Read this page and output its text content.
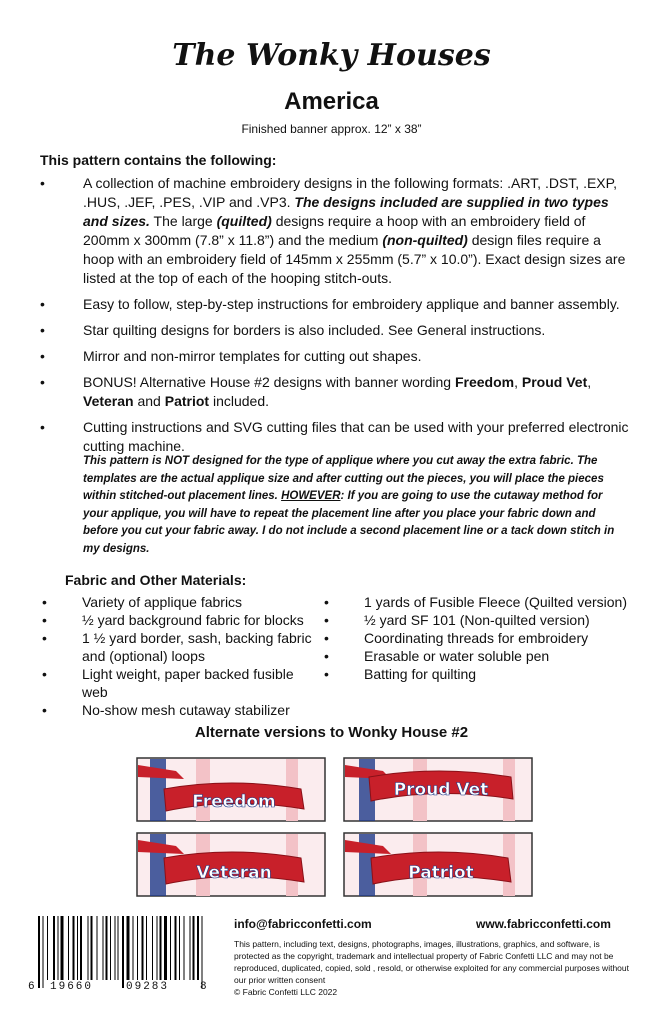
The Wonky Houses
America
Finished banner approx. 12” x 38”
This pattern contains the following:
•	A collection of machine embroidery designs in the following formats: .ART, .DST, .EXP, .HUS, .JEF, .PES, .VIP and .VP3. The designs included are supplied in two types and sizes. The large (quilted) designs require a hoop with an embroidery field of 200mm x 300mm (7.8” x 11.8”) and the medium (non-quilted) design files require a hoop with an embroidery field of 145mm x 255mm (5.7” x 10.0”). Exact design sizes are listed at the top of each of the hooping stitch-outs.
•	Easy to follow, step-by-step instructions for embroidery applique and banner assembly.
•	Star quilting designs for borders is also included. See General instructions.
•	Mirror and non-mirror templates for cutting out shapes.
•	BONUS! Alternative House #2 designs with banner wording Freedom, Proud Vet, Veteran and Patriot included.
•	Cutting instructions and SVG cutting files that can be used with your preferred electronic cutting machine.
This pattern is NOT designed for the type of applique where you cut away the extra fabric. The templates are the actual applique size and after cutting out the pieces, you will place the pieces within stitched-out placement lines. HOWEVER: If you are going to use the cutaway method for your applique, you will have to repeat the placement line after you place your fabric down and before you cut your fabric away. I do not include a second placement line or a tack down stitch in my designs.
Fabric and Other Materials:
•	Variety of applique fabrics
•	½ yard background fabric for blocks
•	1 ½ yard border, sash, backing fabric and (optional) loops
•	Light weight, paper backed fusible web
•	No-show mesh cutaway stabilizer
•	1 yards of Fusible Fleece (Quilted version)
•	½ yard SF 101 (Non-quilted version)
•	Coordinating threads for embroidery
•	Erasable or water soluble pen
•	Batting for quilting
Alternate versions to Wonky House #2
Freedom
Proud Vet
Veteran	Patriot
6 19660	09283	8
info@fabricconfetti.com	www.fabricconfetti.com
This pattern, including text, designs, photographs, images, illustrations, graphics, and software, is protected as the copyright, trademark and intellectual property of Fabric Confetti LLC and may not be reproduced, duplicated, copied, sold , resold, or otherwise exploited for any commercial purposes without our prior written consent
© Fabric Confetti LLC 2022
